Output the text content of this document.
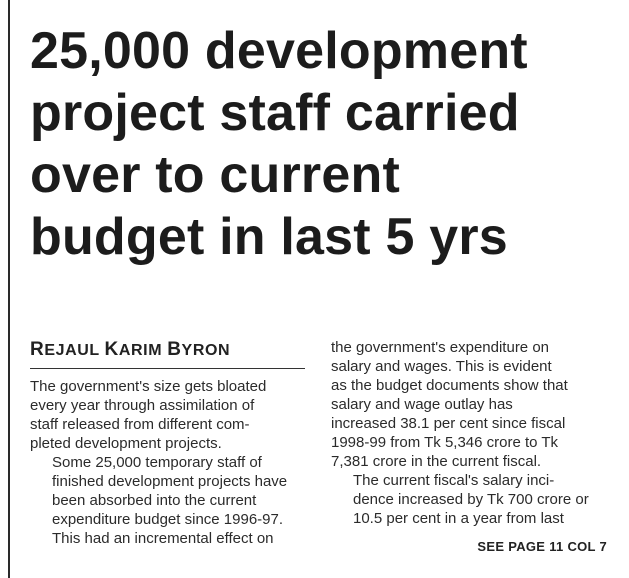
25,000 development
project staff carried
over to current
budget in last 5 yrs
REJAUL KARIM BYRON

The government's size gets bloated
every year through assimilation of
staff released from different com-
pleted development projects.

Some 25,000 temporary staff of
finished development projects have
been absorbed into the current
expenditure budget since 1996-97.

This had an incremental effect on

the government's expenditure on
salary and wages. This is evident
as the budget documents show that
salary and wage outlay has
increased 38.1 per cent since fiscal
1998-99 from Tk 5,346 crore to Tk
7,381 crore in the current fiscal.

The current fiscal's salary inci-
dence increased by Tk 700 crore or
10.5 per cent in a year from last

SEE PAGE 11 COL 7
